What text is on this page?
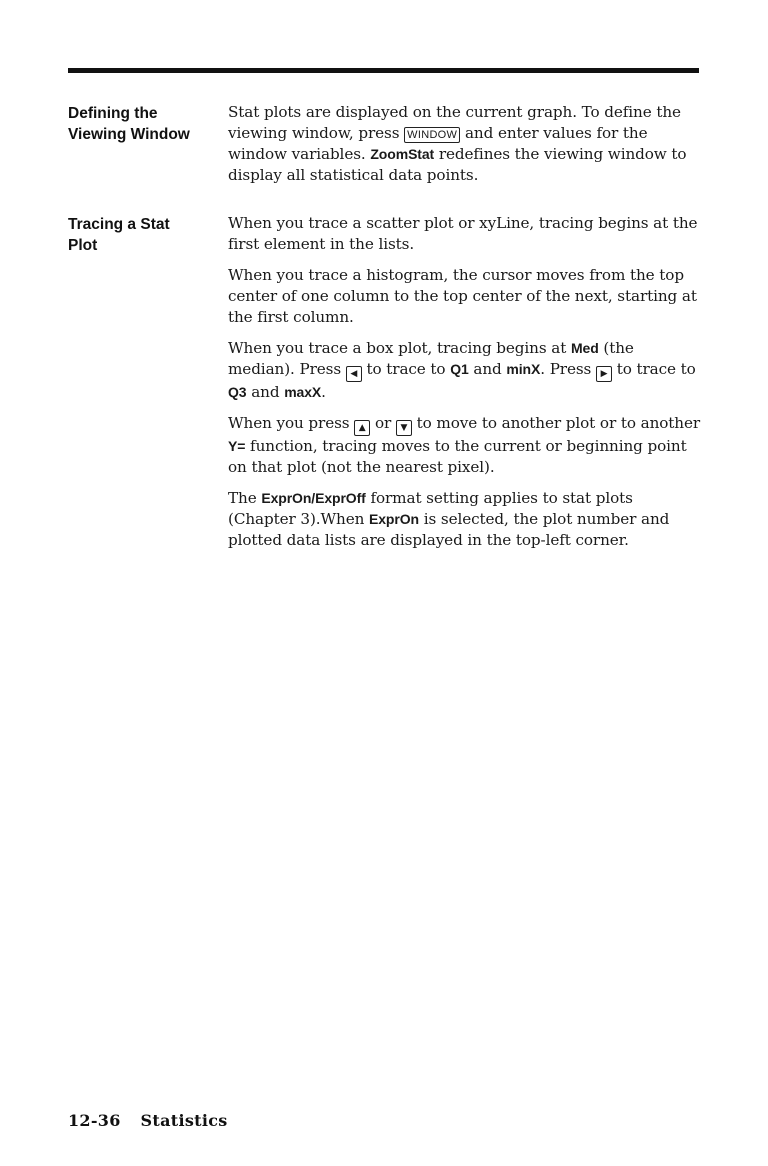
Defining the
Viewing Window

Stat plots are displayed on the current graph. To define the viewing window, press WINDOW and enter values for the window variables. ZoomStat redefines the viewing window to display all statistical data points.

Tracing a Stat
Plot

When you trace a scatter plot or xyLine, tracing begins at the first element in the lists.

When you trace a histogram, the cursor moves from the top center of one column to the top center of the next, starting at the first column.

When you trace a box plot, tracing begins at Med (the median). Press ◀ to trace to Q1 and minX. Press ▶ to trace to Q3 and maxX.

When you press ▲ or ▼ to move to another plot or to another Y= function, tracing moves to the current or beginning point on that plot (not the nearest pixel).

The ExprOn/ExprOff format setting applies to stat plots (Chapter 3).When ExprOn is selected, the plot number and plotted data lists are displayed in the top-left corner.

12-36 Statistics
